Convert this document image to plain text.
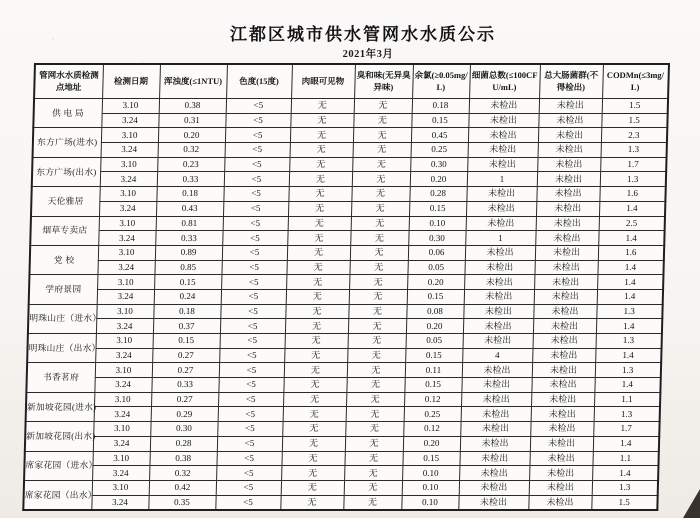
江都区城市供水管网水水质公示
2021年3月
管网水水质检测点地址	检测日期	浑浊度(≤1NTU)	色度(15度)	肉眼可见物	臭和味(无异臭异味)	余氯(≥0.05mg/L)	细菌总数(≤100CFU/mL)	总大肠菌群(不得检出)	CODMn(≤3mg/L)
供 电 局	3.10	0.38	<5	无	无	0.18	未检出	未检出	1.5
	3.24	0.31	<5	无	无	0.15	未检出	未检出	1.5
东方广场(进水)	3.10	0.20	<5	无	无	0.45	未检出	未检出	2.3
	3.24	0.32	<5	无	无	0.25	未检出	未检出	1.3
东方广场(出水)	3.10	0.23	<5	无	无	0.30	未检出	未检出	1.7
	3.24	0.33	<5	无	无	0.20	1	未检出	1.3
天伦雅居	3.10	0.18	<5	无	无	0.28	未检出	未检出	1.6
	3.24	0.43	<5	无	无	0.15	未检出	未检出	1.4
烟草专卖店	3.10	0.81	<5	无	无	0.10	未检出	未检出	2.5
	3.24	0.33	<5	无	无	0.30	1	未检出	1.4
党 校	3.10	0.89	<5	无	无	0.06	未检出	未检出	1.6
	3.24	0.85	<5	无	无	0.05	未检出	未检出	1.4
学府景园	3.10	0.15	<5	无	无	0.20	未检出	未检出	1.4
	3.24	0.24	<5	无	无	0.15	未检出	未检出	1.4
明珠山庄（进水）	3.10	0.18	<5	无	无	0.08	未检出	未检出	1.3
	3.24	0.37	<5	无	无	0.20	未检出	未检出	1.4
明珠山庄（出水）	3.10	0.15	<5	无	无	0.05	未检出	未检出	1.3
	3.24	0.27	<5	无	无	0.15	4	未检出	1.4
书香茗府	3.10	0.27	<5	无	无	0.11	未检出	未检出	1.3
	3.24	0.33	<5	无	无	0.15	未检出	未检出	1.4
新加坡花园(进水)	3.10	0.27	<5	无	无	0.12	未检出	未检出	1.1
	3.24	0.29	<5	无	无	0.25	未检出	未检出	1.3
新加坡花园(出水)	3.10	0.30	<5	无	无	0.12	未检出	未检出	1.7
	3.24	0.28	<5	无	无	0.20	未检出	未检出	1.4
席家花园（进水）	3.10	0.38	<5	无	无	0.15	未检出	未检出	1.1
	3.24	0.32	<5	无	无	0.10	未检出	未检出	1.4
席家花园（出水）	3.10	0.42	<5	无	无	0.10	未检出	未检出	1.3
	3.24	0.35	<5	无	无	0.10	未检出	未检出	1.5
